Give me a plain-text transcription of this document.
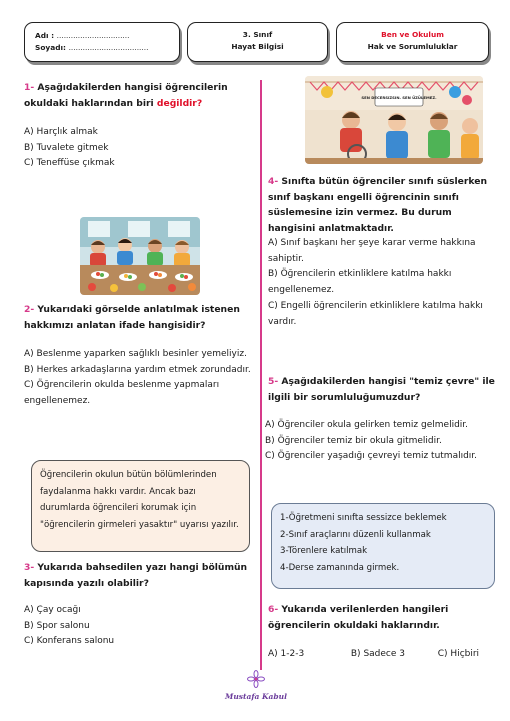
Adı : ...............................
Soyadı: ..................................
3. Sınıf
Hayat Bilgisi
Ben ve Okulum
Hak ve Sorumluluklar
1- Aşağıdakilerden hangisi öğrencilerin okuldaki haklarından biri değildir?
A) Harçlık almak
B) Tuvalete gitmek
C) Teneffüse çıkmak
2- Yukarıdaki görselde anlatılmak istenen hakkımızı anlatan ifade hangisidir?
A) Beslenme yaparken sağlıklı besinler yemeliyiz.
B) Herkes arkadaşlarına yardım etmek zorundadır.
C) Öğrencilerin okulda beslenme yapmaları engellenemez.
Öğrencilerin okulun bütün bölümlerinden faydalanma hakkı vardır. Ancak bazı durumlarda öğrencileri korumak için "öğrencilerin girmeleri yasaktır" uyarısı yazılır.
3- Yukarıda bahsedilen yazı hangi bölümün kapısında yazılı olabilir?
A) Çay ocağı
B) Spor salonu
C) Konferans salonu
SEN DECERSIZSIN. SEN ÜZÜLEMEZ.
4- Sınıfta bütün öğrenciler sınıfı süslerken sınıf başkanı engelli öğrencinin sınıfı süslemesine izin vermez. Bu durum hangisini anlatmaktadır.
A) Sınıf başkanı her şeye karar verme hakkına sahiptir.
B) Öğrencilerin etkinliklere katılma hakkı engellenemez.
C) Engelli öğrencilerin etkinliklere katılma hakkı vardır.
5- Aşağıdakilerden hangisi "temiz çevre" ile ilgili bir sorumluluğumuzdur?
A) Öğrenciler okula gelirken temiz gelmelidir.
B) Öğrenciler temiz bir okula gitmelidir.
C) Öğrenciler yaşadığı çevreyi temiz tutmalıdır.
1-Öğretmeni sınıfta sessizce beklemek
2-Sınıf araçlarını düzenli kullanmak
3-Törenlere katılmak
4-Derse zamanında girmek.
6- Yukarıda verilenlerden hangileri öğrencilerin okuldaki haklarındır.
A) 1-2-3	B) Sadece 3	C) Hiçbiri
Mustafa Kabul
